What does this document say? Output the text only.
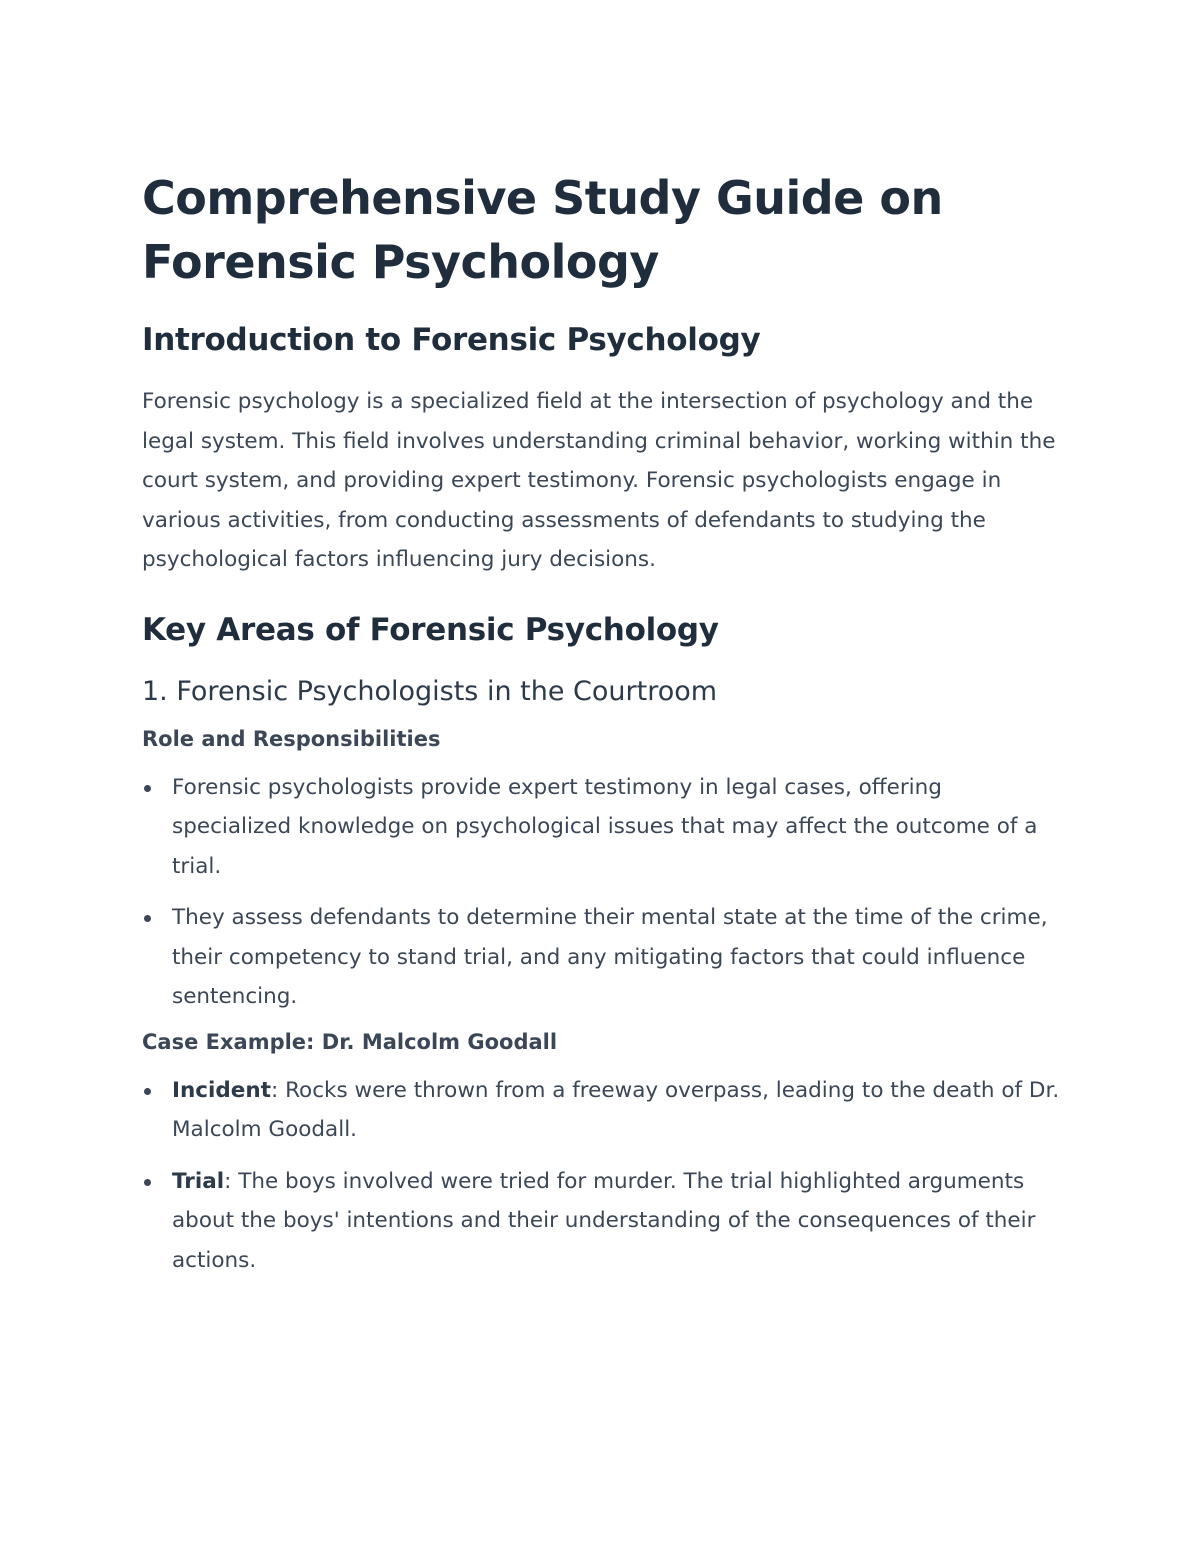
Comprehensive Study Guide on Forensic Psychology
Introduction to Forensic Psychology

Forensic psychology is a specialized field at the intersection of psychology and the legal system. This field involves understanding criminal behavior, working within the court system, and providing expert testimony. Forensic psychologists engage in various activities, from conducting assessments of defendants to studying the psychological factors influencing jury decisions.

Key Areas of Forensic Psychology
1. Forensic Psychologists in the Courtroom
Role and Responsibilities
Forensic psychologists provide expert testimony in legal cases, offering specialized knowledge on psychological issues that may affect the outcome of a trial.
They assess defendants to determine their mental state at the time of the crime, their competency to stand trial, and any mitigating factors that could influence sentencing.
Case Example: Dr. Malcolm Goodall
Incident: Rocks were thrown from a freeway overpass, leading to the death of Dr. Malcolm Goodall.
Trial: The boys involved were tried for murder. The trial highlighted arguments about the boys' intentions and their understanding of the consequences of their actions.
